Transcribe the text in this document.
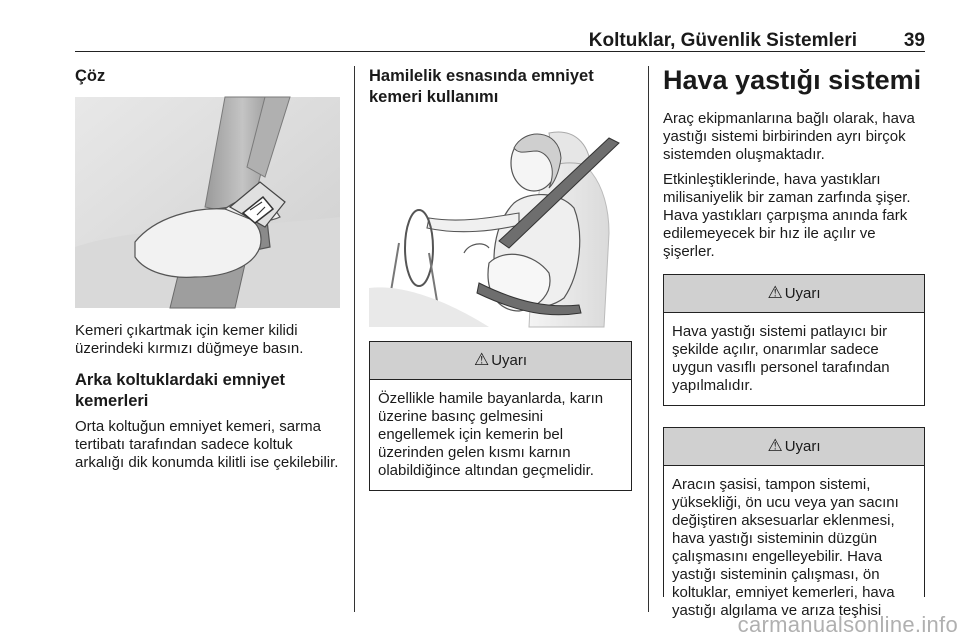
Koltuklar, Güvenlik Sistemleri 39
Çöz

Kemeri çıkartmak için kemer kilidi üzerindeki kırmızı düğmeye basın.

Arka koltuklardaki emniyet kemerleri

Orta koltuğun emniyet kemeri, sarma tertibatı tarafından sadece koltuk arkalığı dik konumda kilitli ise çekilebilir.

Hamilelik esnasında emniyet kemeri kullanımı
⚠ Uyarı
Özellikle hamile bayanlarda, karın üzerine basınç gelmesini engellemek için kemerin bel üzerinden gelen kısmı karnın olabildiğince altından geçmelidir.
Hava yastığı sistemi

Araç ekipmanlarına bağlı olarak, hava yastığı sistemi birbirinden ayrı birçok sistemden oluşmaktadır.

Etkinleştiklerinde, hava yastıkları milisaniyelik bir zaman zarfında şişer. Hava yastıkları çarpışma anında fark edilemeyecek bir hız ile açılır ve şişerler.

⚠ Uyarı
Hava yastığı sistemi patlayıcı bir şekilde açılır, onarımlar sadece uygun vasıflı personel tarafından yapılmalıdır.
⚠ Uyarı
Aracın şasisi, tampon sistemi, yüksekliği, ön ucu veya yan sacını değiştiren aksesuarlar eklenmesi, hava yastığı sisteminin düzgün çalışmasını engelleyebilir. Hava yastığı sisteminin çalışması, ön koltuklar, emniyet kemerleri, hava yastığı algılama ve arıza teşhisi
carmanualsonline.info
